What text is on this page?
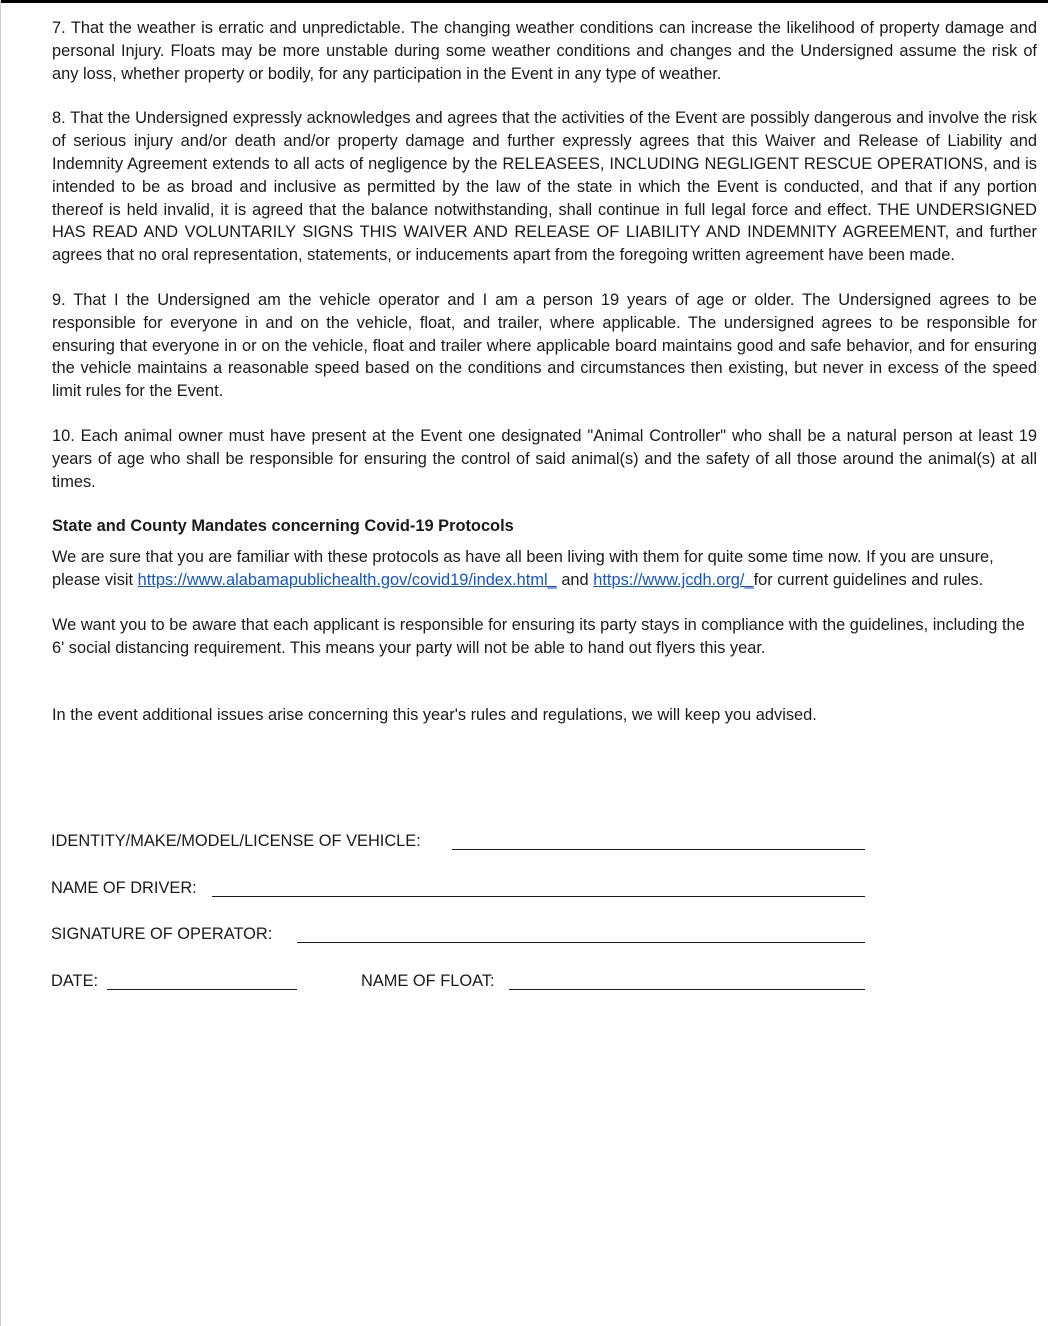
7. That the weather is erratic and unpredictable. The changing weather conditions can increase the likelihood of property damage and personal Injury. Floats may be more unstable during some weather conditions and changes and the Undersigned assume the risk of any loss, whether property or bodily, for any participation in the Event in any type of weather.

8. That the Undersigned expressly acknowledges and agrees that the activities of the Event are possibly dangerous and involve the risk of serious injury and/or death and/or property damage and further expressly agrees that this Waiver and Release of Liability and Indemnity Agreement extends to all acts of negligence by the RELEASEES, INCLUDING NEGLIGENT RESCUE OPERATIONS, and is intended to be as broad and inclusive as permitted by the law of the state in which the Event is conducted, and that if any portion thereof is held invalid, it is agreed that the balance notwithstanding, shall continue in full legal force and effect. THE UNDERSIGNED HAS READ AND VOLUNTARILY SIGNS THIS WAIVER AND RELEASE OF LIABILITY AND INDEMNITY AGREEMENT, and further agrees that no oral representation, statements, or inducements apart from the foregoing written agreement have been made.

9. That I the Undersigned am the vehicle operator and I am a person 19 years of age or older. The Undersigned agrees to be responsible for everyone in and on the vehicle, float, and trailer, where applicable. The undersigned agrees to be responsible for ensuring that everyone in or on the vehicle, float and trailer where applicable board maintains good and safe behavior, and for ensuring the vehicle maintains a reasonable speed based on the conditions and circumstances then existing, but never in excess of the speed limit rules for the Event.

10. Each animal owner must have present at the Event one designated "Animal Controller" who shall be a natural person at least 19 years of age who shall be responsible for ensuring the control of said animal(s) and the safety of all those around the animal(s) at all times.

State and County Mandates concerning Covid-19 Protocols

We are sure that you are familiar with these protocols as have all been living with them for quite some time now. If you are unsure, please visit https://www.alabamapublichealth.gov/covid19/index.html_ and https://www.jcdh.org/_for current guidelines and rules.

We want you to be aware that each applicant is responsible for ensuring its party stays in compliance with the guidelines, including the 6' social distancing requirement. This means your party will not be able to hand out flyers this year.

In the event additional issues arise concerning this year's rules and regulations, we will keep you advised.

IDENTITY/MAKE/MODEL/LICENSE OF VEHICLE:
NAME OF DRIVER:
SIGNATURE OF OPERATOR:
DATE:	NAME OF FLOAT:
